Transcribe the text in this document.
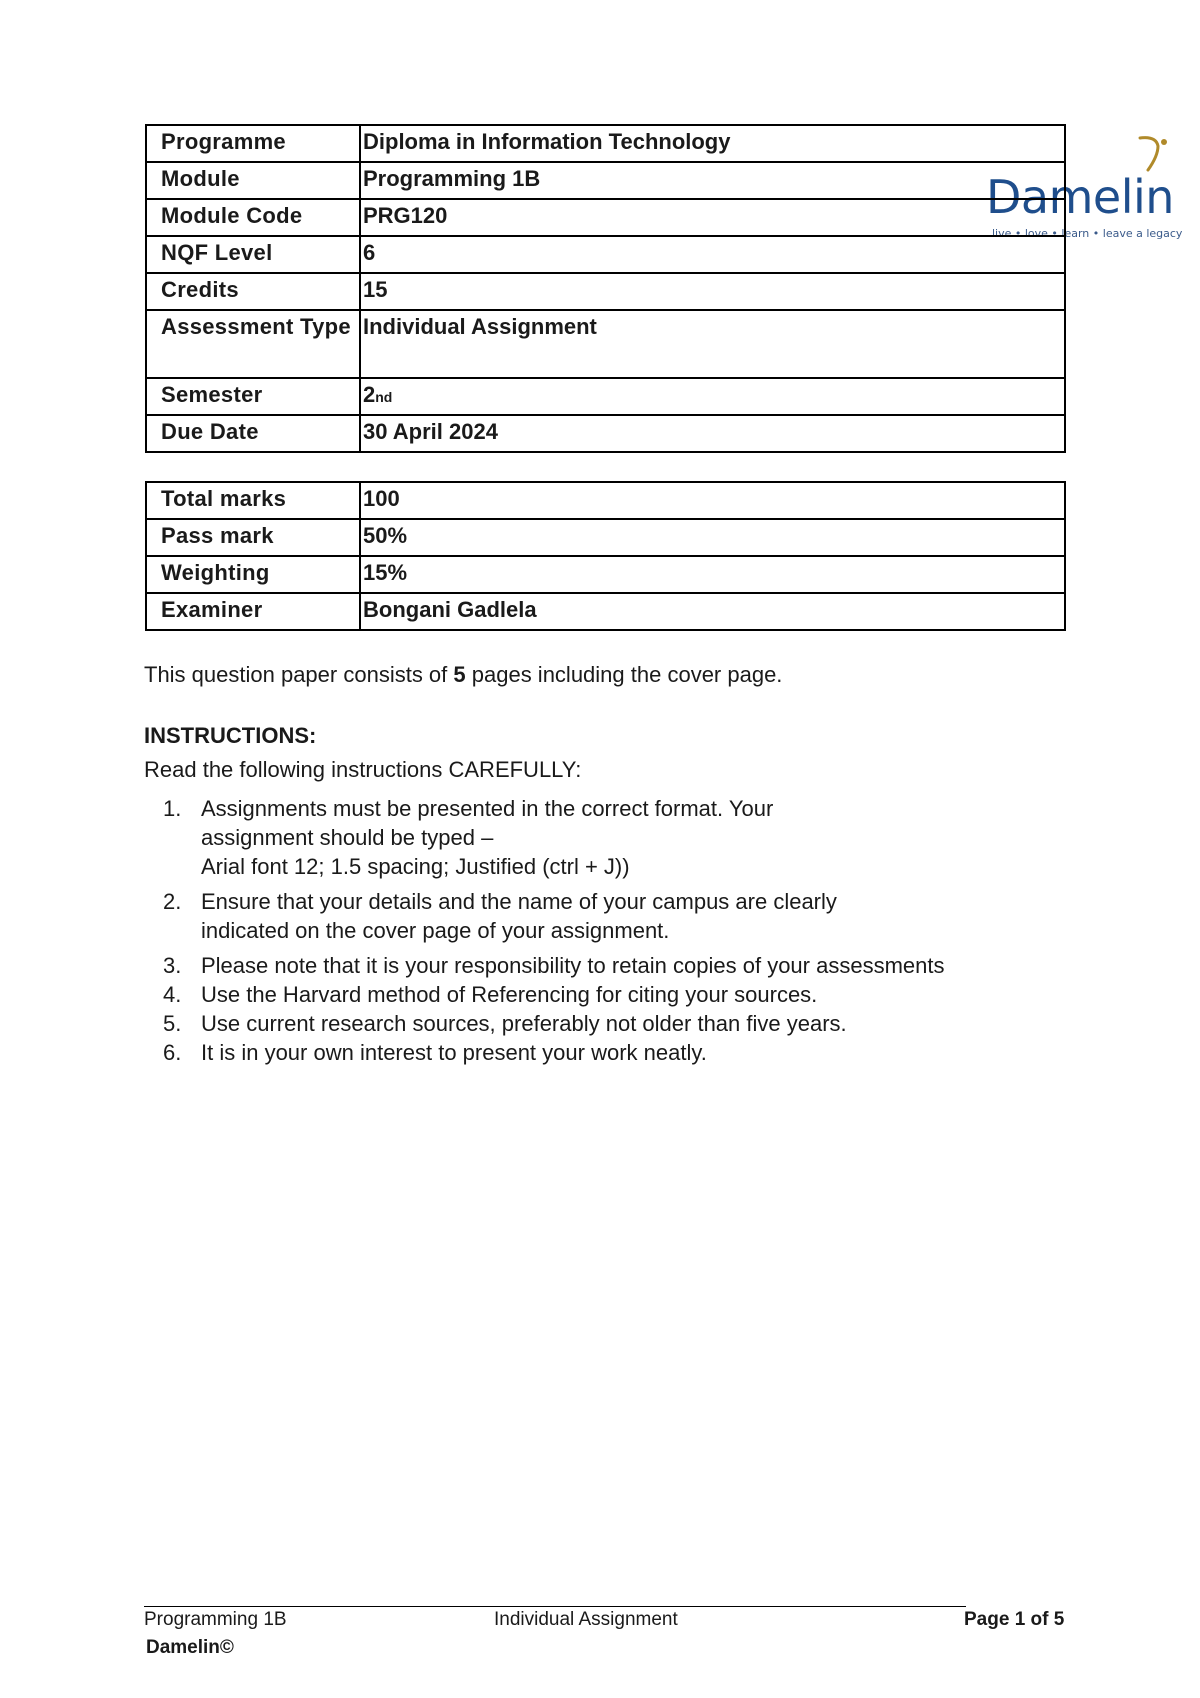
Damelin
live • love • learn • leave a legacy
Programme	Diploma in Information Technology
Module	Programming 1B
Module Code	PRG120
NQF Level	6
Credits	15
Assessment Type	Individual Assignment
Semester	2nd
Due Date	30 April 2024
Total marks	100
Pass mark	50%
Weighting	15%
Examiner	Bongani Gadlela
This question paper consists of 5 pages including the cover page.
INSTRUCTIONS:
Read the following instructions CAREFULLY:
1. Assignments must be presented in the correct format. Your
assignment should be typed –
Arial font 12; 1.5 spacing; Justified (ctrl + J))
2. Ensure that your details and the name of your campus are clearly
indicated on the cover page of your assignment.
3. Please note that it is your responsibility to retain copies of your assessments
4. Use the Harvard method of Referencing for citing your sources.
5. Use current research sources, preferably not older than five years.
6. It is in your own interest to present your work neatly.
Programming 1B	Individual Assignment	Page 1 of 5
Damelin©
